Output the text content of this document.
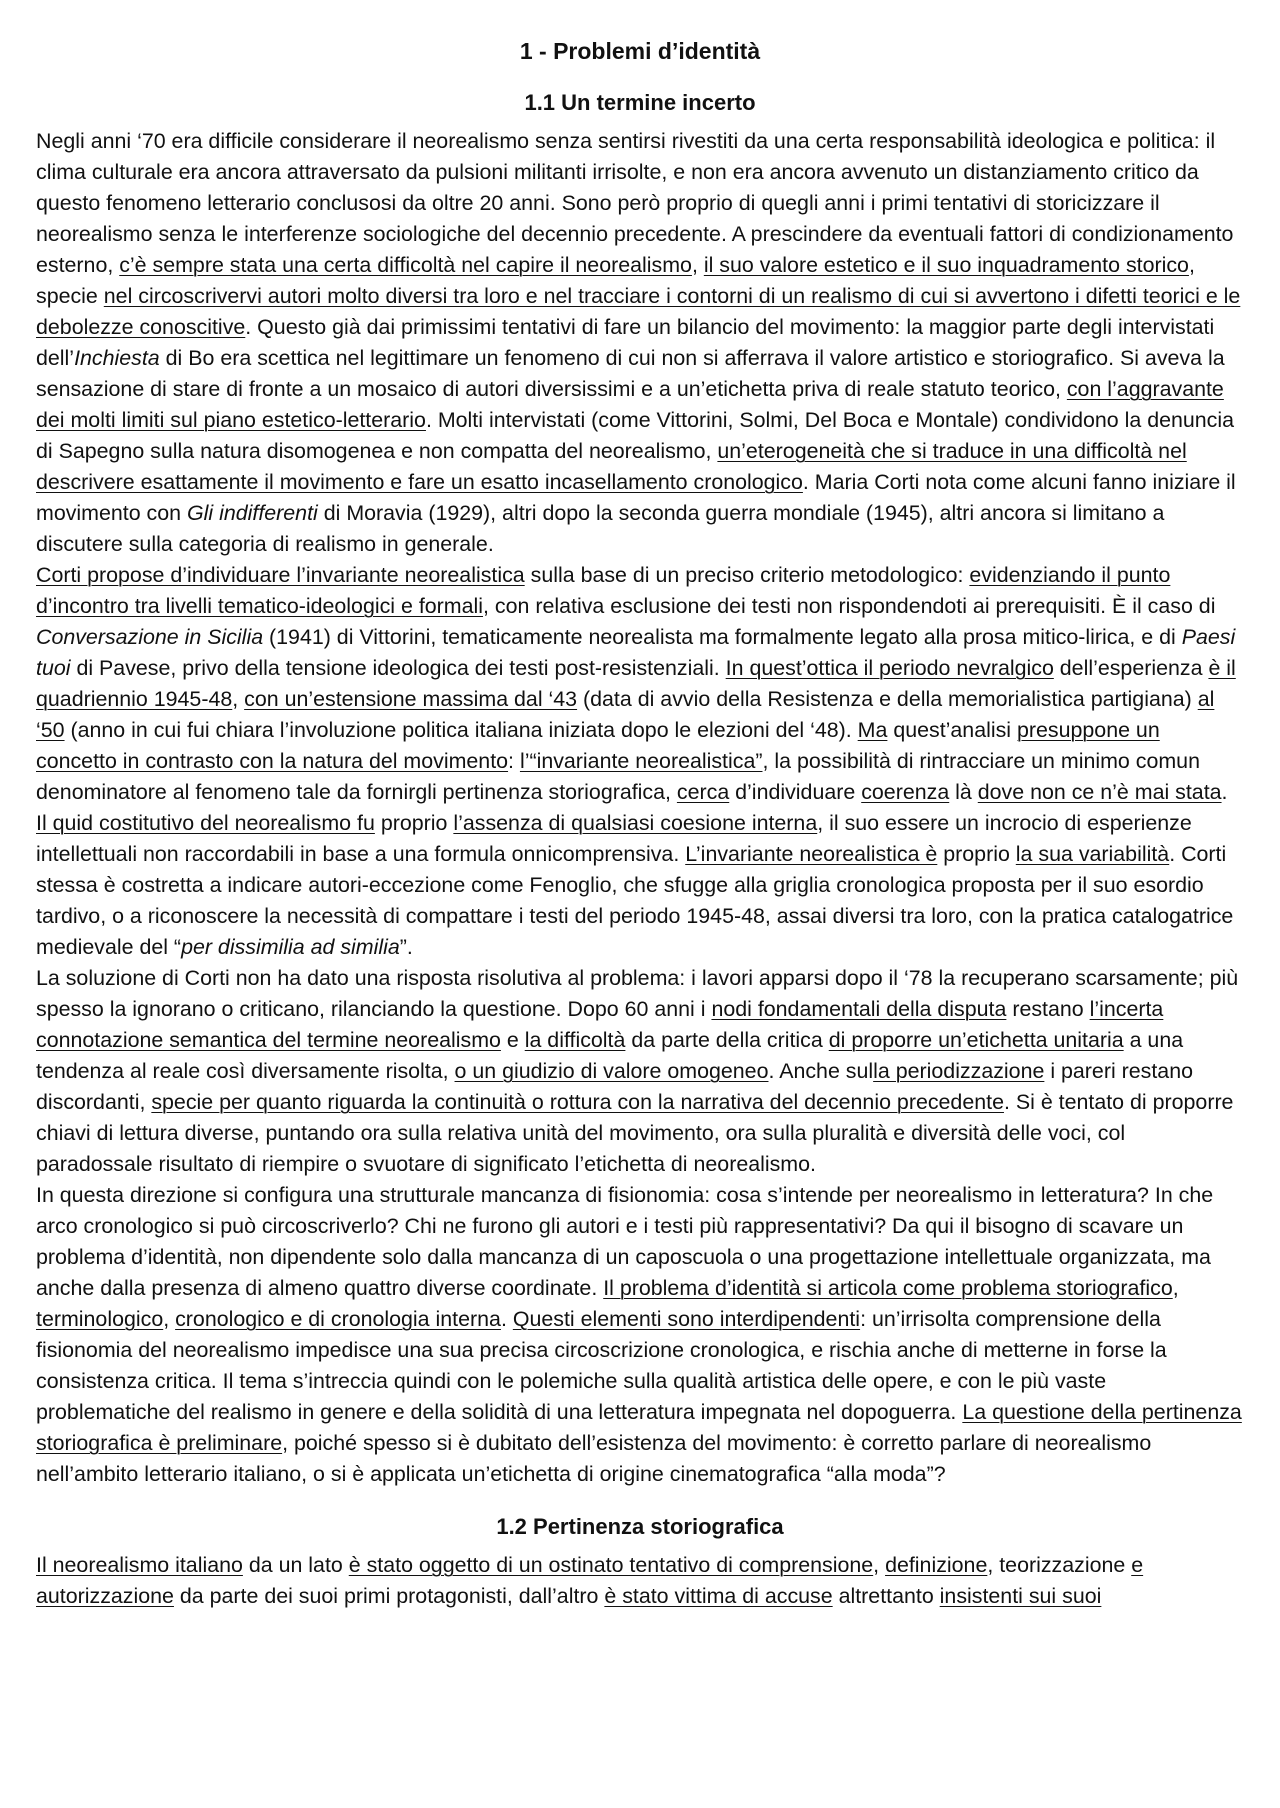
1 - Problemi d’identità
1.1 Un termine incerto

Negli anni ‘70 era difficile considerare il neorealismo senza sentirsi rivestiti da una certa responsabilità ideologica e politica: il clima culturale era ancora attraversato da pulsioni militanti irrisolte, e non era ancora avvenuto un distanziamento critico da questo fenomeno letterario conclusosi da oltre 20 anni. Sono però proprio di quegli anni i primi tentativi di storicizzare il neorealismo senza le interferenze sociologiche del decennio precedente. A prescindere da eventuali fattori di condizionamento esterno, c’è sempre stata una certa difficoltà nel capire il neorealismo, il suo valore estetico e il suo inquadramento storico, specie nel circoscrivervi autori molto diversi tra loro e nel tracciare i contorni di un realismo di cui si avvertono i difetti teorici e le debolezze conoscitive. Questo già dai primissimi tentativi di fare un bilancio del movimento: la maggior parte degli intervistati dell’Inchiesta di Bo era scettica nel legittimare un fenomeno di cui non si afferrava il valore artistico e storiografico. Si aveva la sensazione di stare di fronte a un mosaico di autori diversissimi e a un’etichetta priva di reale statuto teorico, con l’aggravante dei molti limiti sul piano estetico-letterario. Molti intervistati (come Vittorini, Solmi, Del Boca e Montale) condividono la denuncia di Sapegno sulla natura disomogenea e non compatta del neorealismo, un’eterogeneità che si traduce in una difficoltà nel descrivere esattamente il movimento e fare un esatto incasellamento cronologico. Maria Corti nota come alcuni fanno iniziare il movimento con Gli indifferenti di Moravia (1929), altri dopo la seconda guerra mondiale (1945), altri ancora si limitano a discutere sulla categoria di realismo in generale.

Corti propose d’individuare l’invariante neorealistica sulla base di un preciso criterio metodologico: evidenziando il punto d’incontro tra livelli tematico-ideologici e formali, con relativa esclusione dei testi non rispondendoti ai prerequisiti. È il caso di Conversazione in Sicilia (1941) di Vittorini, tematicamente neorealista ma formalmente legato alla prosa mitico-lirica, e di Paesi tuoi di Pavese, privo della tensione ideologica dei testi post-resistenziali. In quest’ottica il periodo nevralgico dell’esperienza è il quadriennio 1945-48, con un’estensione massima dal ‘43 (data di avvio della Resistenza e della memorialistica partigiana) al ‘50 (anno in cui fui chiara l’involuzione politica italiana iniziata dopo le elezioni del ‘48). Ma quest’analisi presuppone un concetto in contrasto con la natura del movimento: l’“invariante neorealistica”, la possibilità di rintracciare un minimo comun denominatore al fenomeno tale da fornirgli pertinenza storiografica, cerca d’individuare coerenza là dove non ce n’è mai stata. Il quid costitutivo del neorealismo fu proprio l’assenza di qualsiasi coesione interna, il suo essere un incrocio di esperienze intellettuali non raccordabili in base a una formula onnicomprensiva. L’invariante neorealistica è proprio la sua variabilità. Corti stessa è costretta a indicare autori-eccezione come Fenoglio, che sfugge alla griglia cronologica proposta per il suo esordio tardivo, o a riconoscere la necessità di compattare i testi del periodo 1945-48, assai diversi tra loro, con la pratica catalogatrice medievale del “per dissimilia ad similia”.

La soluzione di Corti non ha dato una risposta risolutiva al problema: i lavori apparsi dopo il ‘78 la recuperano scarsamente; più spesso la ignorano o criticano, rilanciando la questione. Dopo 60 anni i nodi fondamentali della disputa restano l’incerta connotazione semantica del termine neorealismo e la difficoltà da parte della critica di proporre un’etichetta unitaria a una tendenza al reale così diversamente risolta, o un giudizio di valore omogeneo. Anche sulla periodizzazione i pareri restano discordanti, specie per quanto riguarda la continuità o rottura con la narrativa del decennio precedente. Si è tentato di proporre chiavi di lettura diverse, puntando ora sulla relativa unità del movimento, ora sulla pluralità e diversità delle voci, col paradossale risultato di riempire o svuotare di significato l’etichetta di neorealismo.

In questa direzione si configura una strutturale mancanza di fisionomia: cosa s’intende per neorealismo in letteratura? In che arco cronologico si può circoscriverlo? Chi ne furono gli autori e i testi più rappresentativi? Da qui il bisogno di scavare un problema d’identità, non dipendente solo dalla mancanza di un caposcuola o una progettazione intellettuale organizzata, ma anche dalla presenza di almeno quattro diverse coordinate. Il problema d’identità si articola come problema storiografico, terminologico, cronologico e di cronologia interna. Questi elementi sono interdipendenti: un’irrisolta comprensione della fisionomia del neorealismo impedisce una sua precisa circoscrizione cronologica, e rischia anche di metterne in forse la consistenza critica. Il tema s’intreccia quindi con le polemiche sulla qualità artistica delle opere, e con le più vaste problematiche del realismo in genere e della solidità di una letteratura impegnata nel dopoguerra. La questione della pertinenza storiografica è preliminare, poiché spesso si è dubitato dell’esistenza del movimento: è corretto parlare di neorealismo nell’ambito letterario italiano, o si è applicata un’etichetta di origine cinematografica “alla moda”?

1.2 Pertinenza storiografica

Il neorealismo italiano da un lato è stato oggetto di un ostinato tentativo di comprensione, definizione, teorizzazione e autorizzazione da parte dei suoi primi protagonisti, dall’altro è stato vittima di accuse altrettanto insistenti sui suoi
